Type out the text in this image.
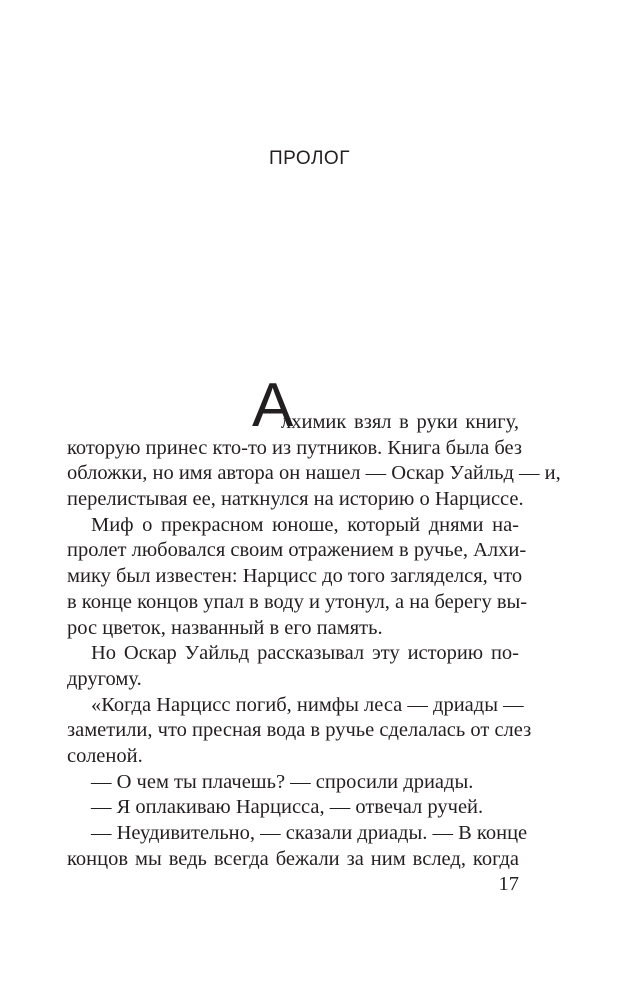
ПРОЛОГ
А
лхимик взял в руки книгу,
которую принес кто-то из путников. Книга была без
обложки, но имя автора он нашел — Оскар Уайльд — и,
перелистывая ее, наткнулся на историю о Нарциссе.
Миф о прекрасном юноше, который днями на-
пролет любовался своим отражением в ручье, Алхи-
мику был известен: Нарцисс до того загляделся, что
в конце концов упал в воду и утонул, а на берегу вы-
рос цветок, названный в его память.
Но Оскар Уайльд рассказывал эту историю по-
другому.
«Когда Нарцисс погиб, нимфы леса — дриады —
заметили, что пресная вода в ручье сделалась от слез
соленой.
— О чем ты плачешь? — спросили дриады.
— Я оплакиваю Нарцисса, — отвечал ручей.
— Неудивительно, — сказали дриады. — В конце
концов мы ведь всегда бежали за ним вслед, когда
17
